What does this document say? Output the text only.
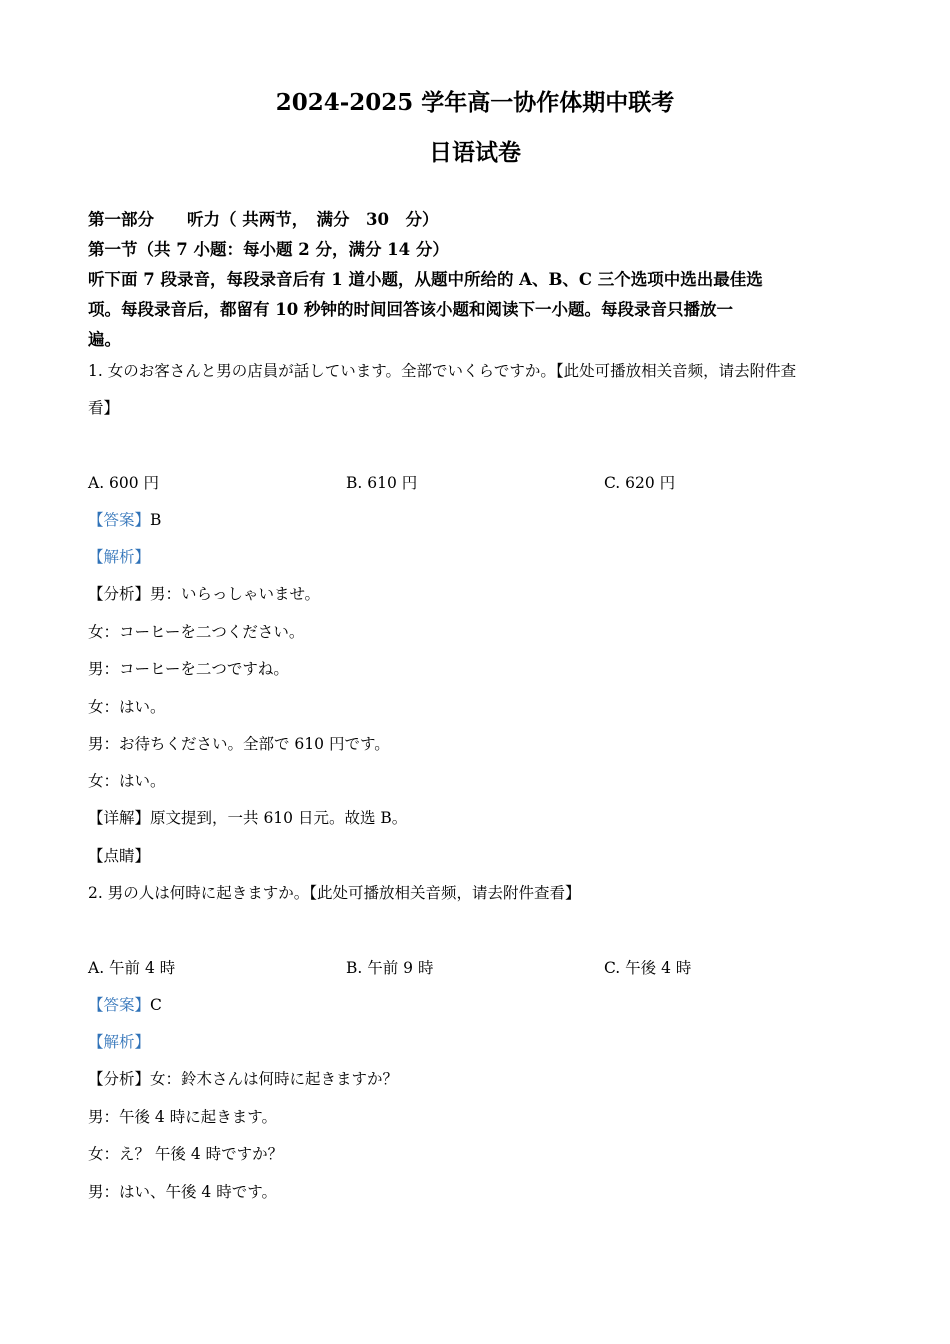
2024-2025 学年高一协作体期中联考
日语试卷
第一部分　　听力（ 共两节，　满分　30　分）
第一节（共 7 小题：每小题 2 分，满分 14 分）
听下面 7 段录音，每段录音后有 1 道小题，从题中所给的 A、B、C 三个选项中选出最佳选
项。每段录音后，都留有 10 秒钟的时间回答该小题和阅读下一小题。每段录音只播放一
遍。
1. 女のお客さんと男の店員が話しています。全部でいくらですか。【此处可播放相关音频，请去附件查
看】
A. 600 円	B. 610 円	C. 620 円
【答案】B
【解析】
【分析】男：いらっしゃいませ。
女：コーヒーを二つください。
男：コーヒーを二つですね。
女：はい。
男：お待ちください。全部で 610 円です。
女：はい。
【详解】原文提到，一共 610 日元。故选 B。
【点睛】
2. 男の人は何時に起きますか。【此处可播放相关音频，请去附件查看】
A. 午前 4 時	B. 午前 9 時	C. 午後 4 時
【答案】C
【解析】
【分析】女：鈴木さんは何時に起きますか？
男：午後 4 時に起きます。
女：え？ 午後 4 時ですか？
男：はい、午後 4 時です。
